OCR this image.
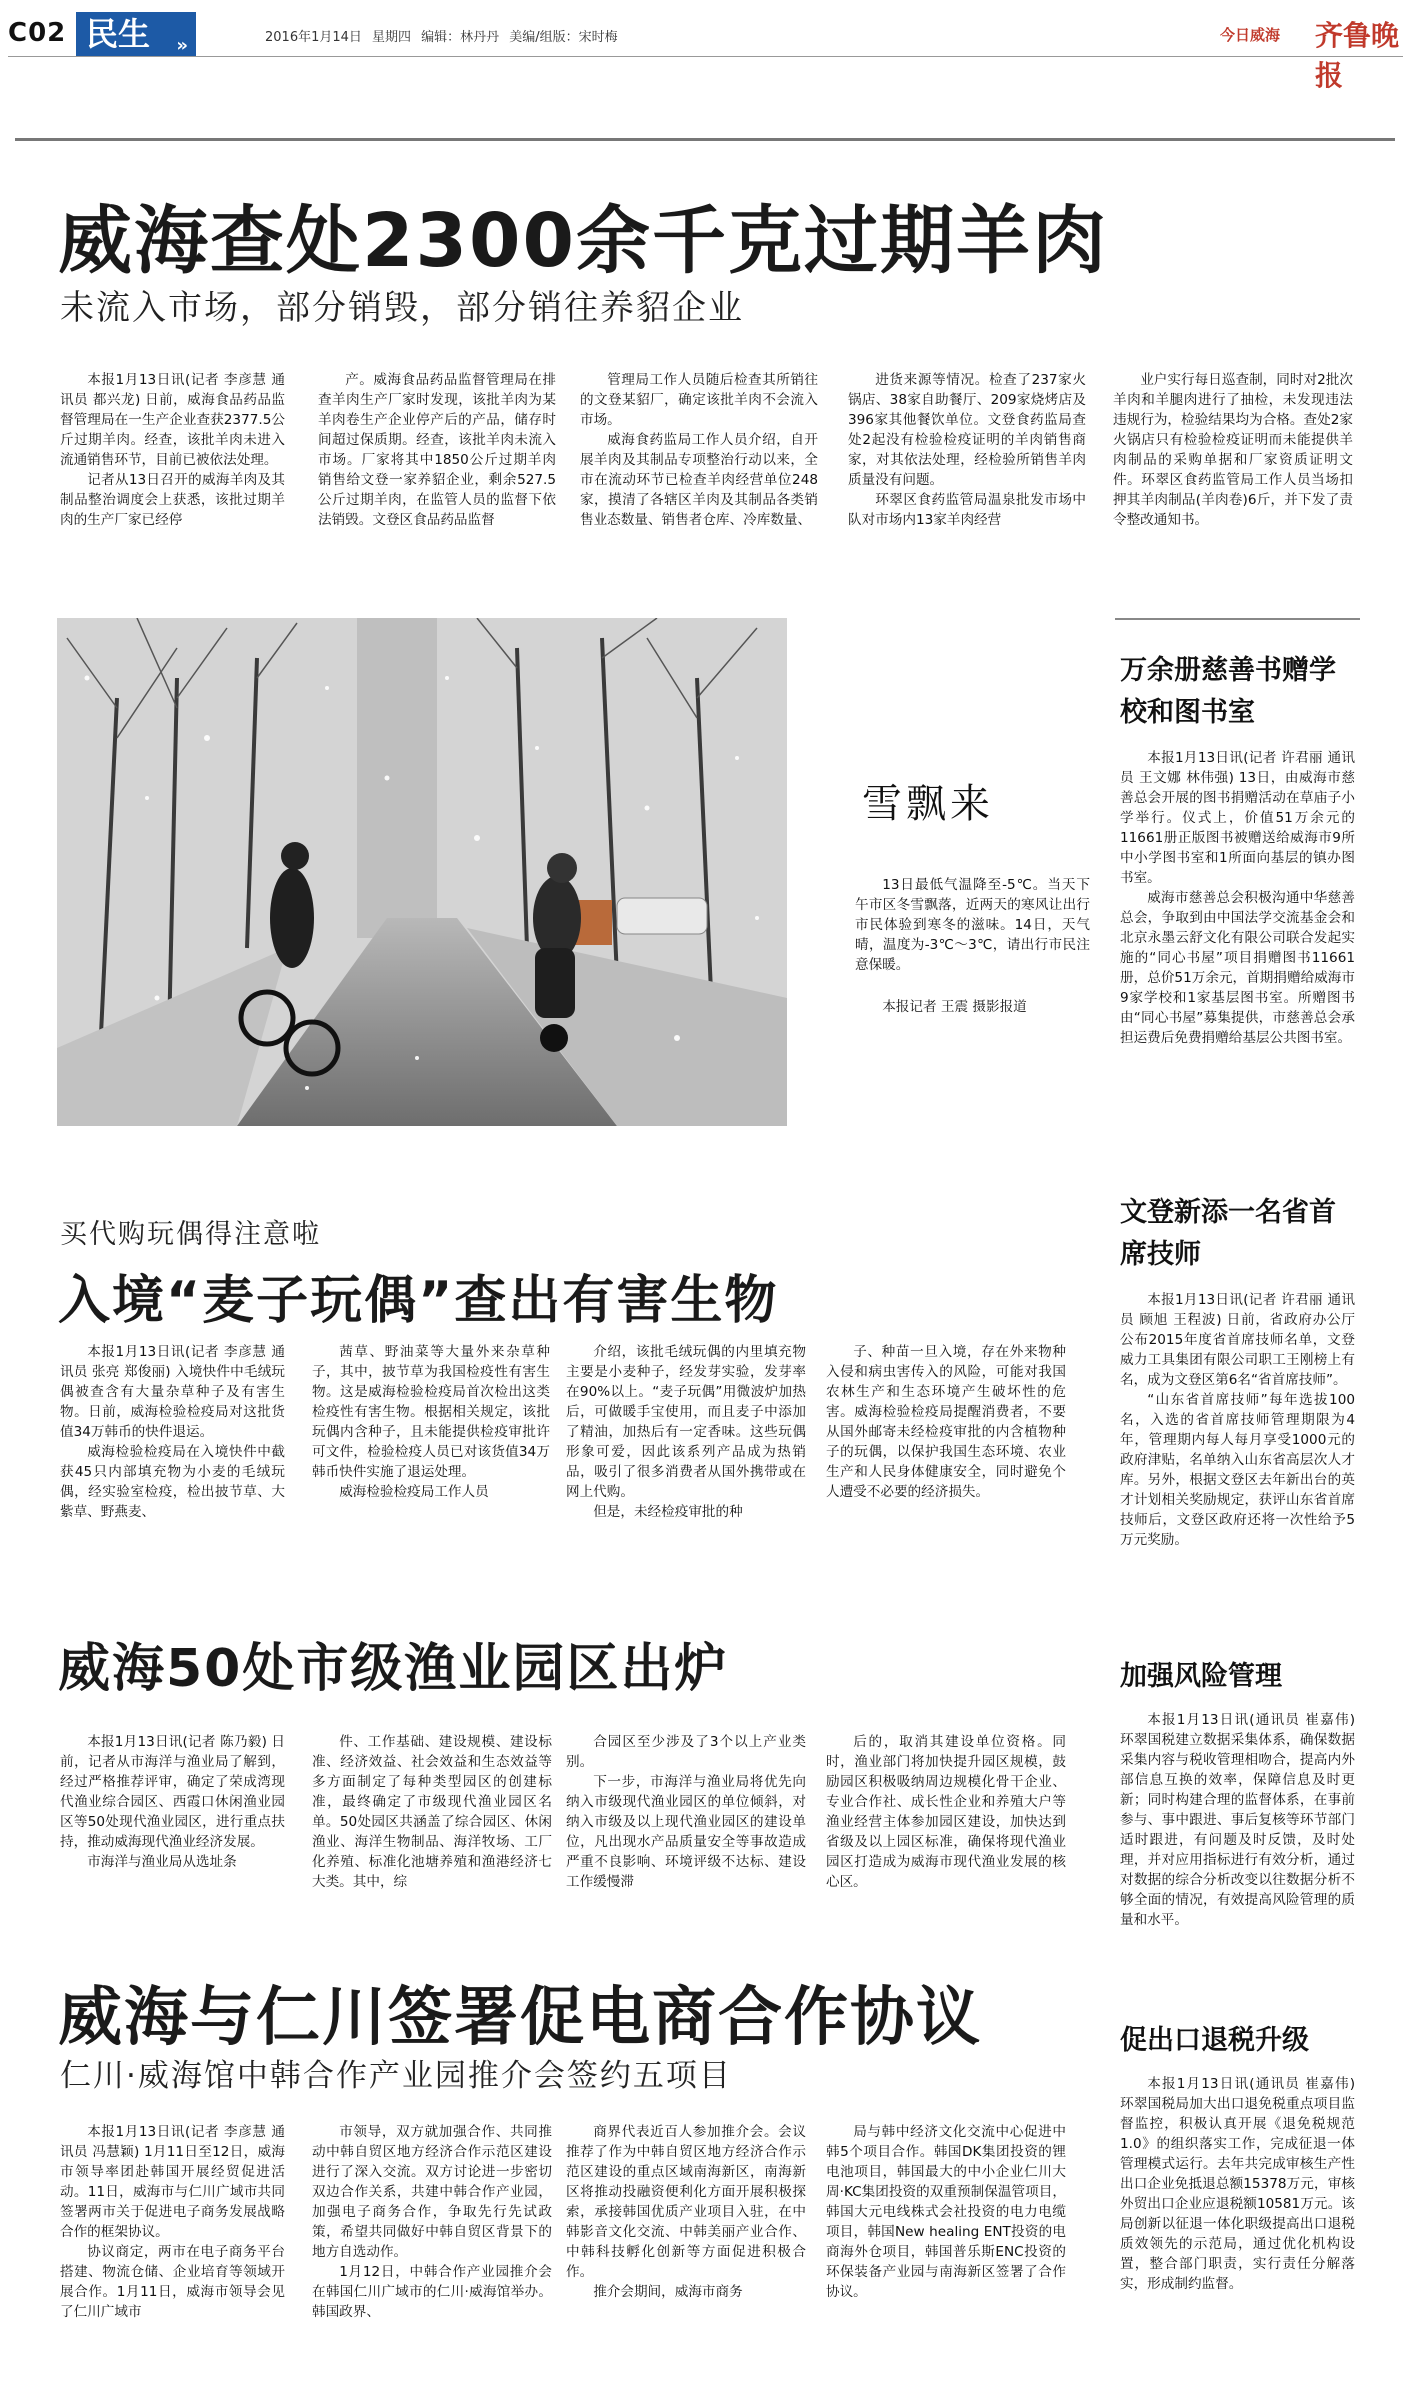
C02 民生 »	2016年1月14日 星期四 编辑：林丹丹 美编/组版：宋时梅	今日威海 齐鲁晚报
威海查处2300余千克过期羊肉
未流入市场，部分销毁，部分销往养貂企业

本报1月13日讯(记者 李彦慧 通讯员 都兴龙) 日前，威海食品药品监督管理局在一生产企业查获2377.5公斤过期羊肉。经查，该批羊肉未进入流通销售环节，目前已被依法处理。

记者从13日召开的威海羊肉及其制品整治调度会上获悉，该批过期羊肉的生产厂家已经停

产。威海食品药品监督管理局在排查羊肉生产厂家时发现，该批羊肉为某羊肉卷生产企业停产后的产品，储存时间超过保质期。经查，该批羊肉未流入市场。厂家将其中1850公斤过期羊肉销售给文登一家养貂企业，剩余527.5公斤过期羊肉，在监管人员的监督下依法销毁。文登区食品药品监督

管理局工作人员随后检查其所销往的文登某貂厂，确定该批羊肉不会流入市场。

威海食药监局工作人员介绍，自开展羊肉及其制品专项整治行动以来，全市在流动环节已检查羊肉经营单位248家，摸清了各辖区羊肉及其制品各类销售业态数量、销售者仓库、冷库数量、

进货来源等情况。检查了237家火锅店、38家自助餐厅、209家烧烤店及396家其他餐饮单位。文登食药监局查处2起没有检验检疫证明的羊肉销售商家，对其依法处理，经检验所销售羊肉质量没有问题。

环翠区食药监管局温泉批发市场中队对市场内13家羊肉经营

业户实行每日巡查制，同时对2批次羊肉和羊腿肉进行了抽检，未发现违法违规行为，检验结果均为合格。查处2家火锅店只有检验检疫证明而未能提供羊肉制品的采购单据和厂家资质证明文件。环翠区食药监管局工作人员当场扣押其羊肉制品(羊肉卷)6斤，并下发了责令整改通知书。

雪飘来

13日最低气温降至-5℃。当天下午市区冬雪飘落，近两天的寒风让出行市民体验到寒冬的滋味。14日，天气晴，温度为-3℃～3℃，请出行市民注意保暖。

本报记者 王震 摄影报道
买代购玩偶得注意啦
入境“麦子玩偶”查出有害生物

本报1月13日讯(记者 李彦慧 通讯员 张亮 郑俊丽) 入境快件中毛绒玩偶被查含有大量杂草种子及有害生物。日前，威海检验检疫局对这批货值34万韩币的快件退运。

威海检验检疫局在入境快件中截获45只内部填充物为小麦的毛绒玩偶，经实验室检疫，检出披节草、大紫草、野燕麦、

茜草、野油菜等大量外来杂草种子，其中，披节草为我国检疫性有害生物。这是威海检验检疫局首次检出这类检疫性有害生物。根据相关规定，该批玩偶内含种子，且未能提供检疫审批许可文件，检验检疫人员已对该货值34万韩币快件实施了退运处理。

威海检验检疫局工作人员

介绍，该批毛绒玩偶的内里填充物主要是小麦种子，经发芽实验，发芽率在90%以上。“麦子玩偶”用微波炉加热后，可做暖手宝使用，而且麦子中添加了精油，加热后有一定香味。这些玩偶形象可爱，因此该系列产品成为热销品，吸引了很多消费者从国外携带或在网上代购。

但是，未经检疫审批的种

子、种苗一旦入境，存在外来物种入侵和病虫害传入的风险，可能对我国农林生产和生态环境产生破坏性的危害。威海检验检疫局提醒消费者，不要从国外邮寄未经检疫审批的内含植物种子的玩偶，以保护我国生态环境、农业生产和人民身体健康安全，同时避免个人遭受不必要的经济损失。

威海50处市级渔业园区出炉

本报1月13日讯(记者 陈乃毅) 日前，记者从市海洋与渔业局了解到，经过严格推荐评审，确定了荣成湾现代渔业综合园区、西霞口休闲渔业园区等50处现代渔业园区，进行重点扶持，推动威海现代渔业经济发展。

市海洋与渔业局从选址条

件、工作基础、建设规模、建设标准、经济效益、社会效益和生态效益等多方面制定了每种类型园区的创建标准，最终确定了市级现代渔业园区名单。50处园区共涵盖了综合园区、休闲渔业、海洋生物制品、海洋牧场、工厂化养殖、标准化池塘养殖和渔港经济七大类。其中，综

合园区至少涉及了3个以上产业类别。

下一步，市海洋与渔业局将优先向纳入市级现代渔业园区的单位倾斜，对纳入市级及以上现代渔业园区的建设单位，凡出现水产品质量安全等事故造成严重不良影响、环境评级不达标、建设工作缓慢滞

后的，取消其建设单位资格。同时，渔业部门将加快提升园区规模，鼓励园区积极吸纳周边规模化骨干企业、专业合作社、成长性企业和养殖大户等渔业经营主体参加园区建设，加快达到省级及以上园区标准，确保将现代渔业园区打造成为威海市现代渔业发展的核心区。

威海与仁川签署促电商合作协议
仁川·威海馆中韩合作产业园推介会签约五项目

本报1月13日讯(记者 李彦慧 通讯员 冯慧颖) 1月11日至12日，威海市领导率团赴韩国开展经贸促进活动。11日，威海市与仁川广域市共同签署两市关于促进电子商务发展战略合作的框架协议。

协议商定，两市在电子商务平台搭建、物流仓储、企业培育等领域开展合作。1月11日，威海市领导会见了仁川广域市

市领导，双方就加强合作、共同推动中韩自贸区地方经济合作示范区建设进行了深入交流。双方讨论进一步密切双边合作关系，共建中韩合作产业园，加强电子商务合作，争取先行先试政策，希望共同做好中韩自贸区背景下的地方自选动作。

1月12日，中韩合作产业园推介会在韩国仁川广域市的仁川·威海馆举办。韩国政界、

商界代表近百人参加推介会。会议推荐了作为中韩自贸区地方经济合作示范区建设的重点区域南海新区，南海新区将推动投融资便利化方面开展积极探索，承接韩国优质产业项目入驻，在中韩影音文化交流、中韩美丽产业合作、中韩科技孵化创新等方面促进积极合作。

推介会期间，威海市商务

局与韩中经济文化交流中心促进中韩5个项目合作。韩国DK集团投资的锂电池项目，韩国最大的中小企业仁川大周·KC集团投资的双重预制保温管项目，韩国大元电线株式会社投资的电力电缆项目，韩国New healing ENT投资的电商海外仓项目，韩国普乐斯ENC投资的环保装备产业园与南海新区签署了合作协议。

万余册慈善书赠学校和图书室

本报1月13日讯(记者 许君丽 通讯员 王文娜 林伟强) 13日，由威海市慈善总会开展的图书捐赠活动在草庙子小学举行。仪式上，价值51万余元的11661册正版图书被赠送给威海市9所中小学图书室和1所面向基层的镇办图书室。

威海市慈善总会积极沟通中华慈善总会，争取到由中国法学交流基金会和北京永墨云舒文化有限公司联合发起实施的“同心书屋”项目捐赠图书11661册，总价51万余元，首期捐赠给威海市9家学校和1家基层图书室。所赠图书由“同心书屋”募集提供，市慈善总会承担运费后免费捐赠给基层公共图书室。

文登新添一名省首席技师

本报1月13日讯(记者 许君丽 通讯员 顾旭 王程波) 日前，省政府办公厅公布2015年度省首席技师名单，文登威力工具集团有限公司职工王刚榜上有名，成为文登区第6名“省首席技师”。

“山东省首席技师”每年选拔100名，入选的省首席技师管理期限为4年，管理期内每人每月享受1000元的政府津贴，名单纳入山东省高层次人才库。另外，根据文登区去年新出台的英才计划相关奖励规定，获评山东省首席技师后，文登区政府还将一次性给予5万元奖励。

加强风险管理

本报1月13日讯(通讯员 崔嘉伟) 环翠国税建立数据采集体系，确保数据采集内容与税收管理相吻合，提高内外部信息互换的效率，保障信息及时更新；同时构建合理的监督体系，在事前参与、事中跟进、事后复核等环节部门适时跟进，有问题及时反馈，及时处理，并对应用指标进行有效分析，通过对数据的综合分析改变以往数据分析不够全面的情况，有效提高风险管理的质量和水平。

促出口退税升级

本报1月13日讯(通讯员 崔嘉伟) 环翠国税局加大出口退免税重点项目监督监控，积极认真开展《退免税规范1.0》的组织落实工作，完成征退一体管理模式运行。去年共完成审核生产性出口企业免抵退总额15378万元，审核外贸出口企业应退税额10581万元。该局创新以征退一体化职级提高出口退税质效领先的示范局，通过优化机构设置，整合部门职责，实行责任分解落实，形成制约监督。
